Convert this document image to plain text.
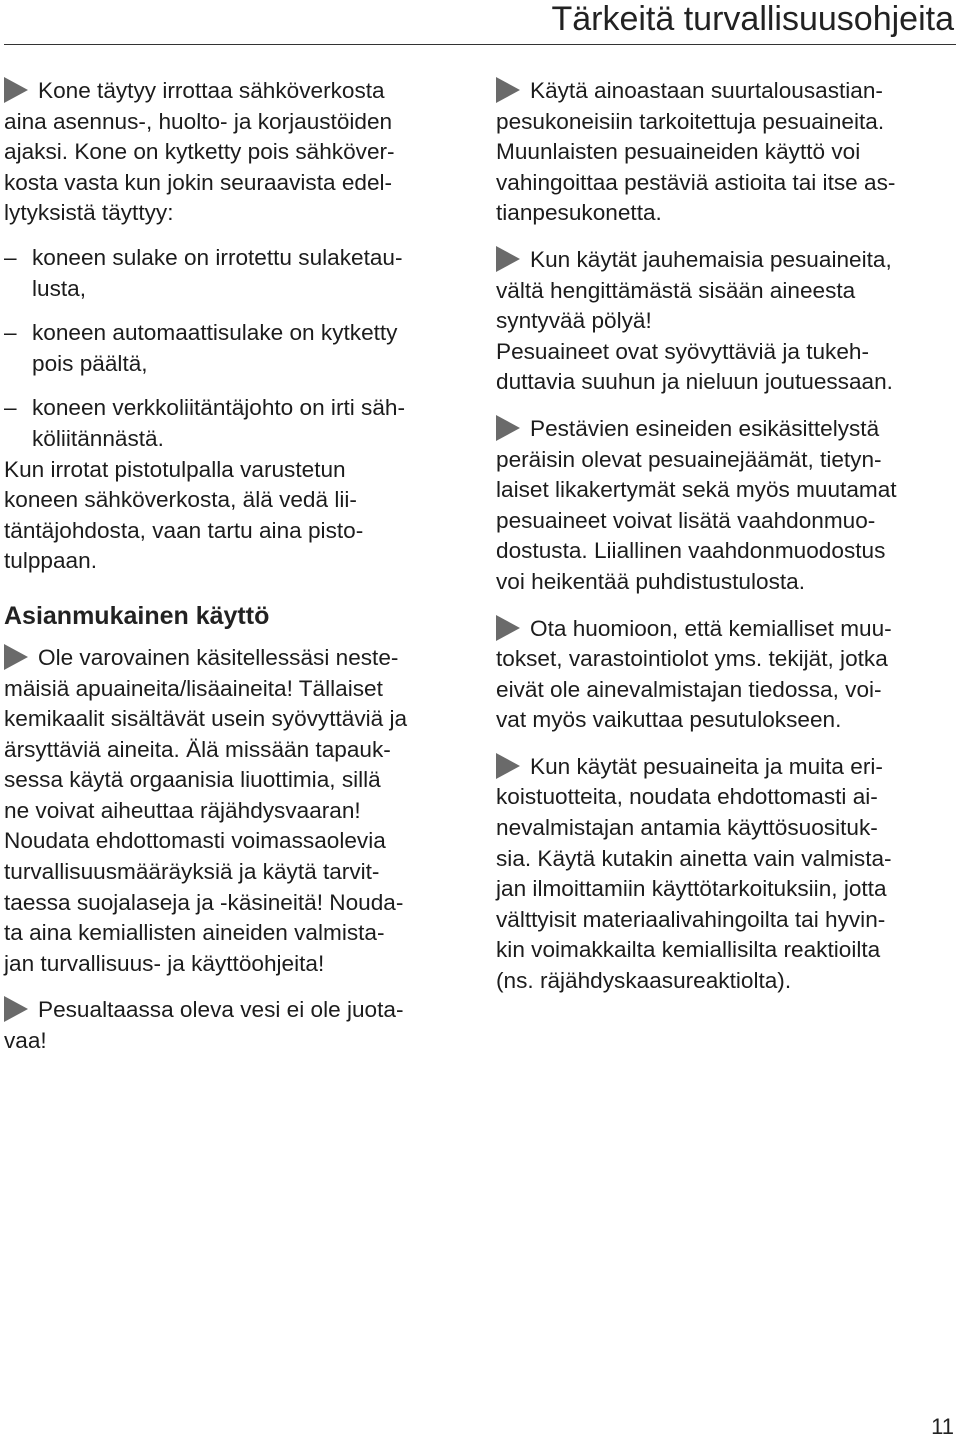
Tärkeitä turvallisuusohjeita
Kone täytyy irrottaa sähköverkosta
aina asennus-, huolto- ja korjaustöiden
ajaksi. Kone on kytketty pois sähköver-
kosta vasta kun jokin seuraavista edel-
lytyksistä täyttyy:
– koneen sulake on irrotettu sulaketau-
lusta,
– koneen automaattisulake on kytketty
pois päältä,
– koneen verkkoliitäntäjohto on irti säh-
köliitännästä.
Kun irrotat pistotulpalla varustetun
koneen sähköverkosta, älä vedä lii-
täntäjohdosta, vaan tartu aina pisto-
tulppaan.
Asianmukainen käyttö
Ole varovainen käsitellessäsi neste-
mäisiä apuaineita/lisäaineita! Tällaiset
kemikaalit sisältävät usein syövyttäviä ja
ärsyttäviä aineita. Älä missään tapauk-
sessa käytä orgaanisia liuottimia, sillä
ne voivat aiheuttaa räjähdysvaaran!
Noudata ehdottomasti voimassaolevia
turvallisuusmääräyksiä ja käytä tarvit-
taessa suojalaseja ja -käsineitä! Nouda-
ta aina kemiallisten aineiden valmista-
jan turvallisuus- ja käyttöohjeita!
Pesualtaassa oleva vesi ei ole juota-
vaa!
Käytä ainoastaan suurtalousastian-
pesukoneisiin tarkoitettuja pesuaineita.
Muunlaisten pesuaineiden käyttö voi
vahingoittaa pestäviä astioita tai itse as-
tianpesukonetta.
Kun käytät jauhemaisia pesuaineita,
vältä hengittämästä sisään aineesta
syntyvää pölyä!
Pesuaineet ovat syövyttäviä ja tukeh-
duttavia suuhun ja nieluun joutuessaan.
Pestävien esineiden esikäsittelystä
peräisin olevat pesuainejäämät, tietyn-
laiset likakertymät sekä myös muutamat
pesuaineet voivat lisätä vaahdonmuo-
dostusta. Liiallinen vaahdonmuodostus
voi heikentää puhdistustulosta.
Ota huomioon, että kemialliset muu-
tokset, varastointiolot yms. tekijät, jotka
eivät ole ainevalmistajan tiedossa, voi-
vat myös vaikuttaa pesutulokseen.
Kun käytät pesuaineita ja muita eri-
koistuotteita, noudata ehdottomasti ai-
nevalmistajan antamia käyttösuosituk-
sia. Käytä kutakin ainetta vain valmista-
jan ilmoittamiin käyttötarkoituksiin, jotta
välttyisit materiaalivahingoilta tai hyvin-
kin voimakkailta kemiallisilta reaktioilta
(ns. räjähdyskaasureaktiolta).
11
